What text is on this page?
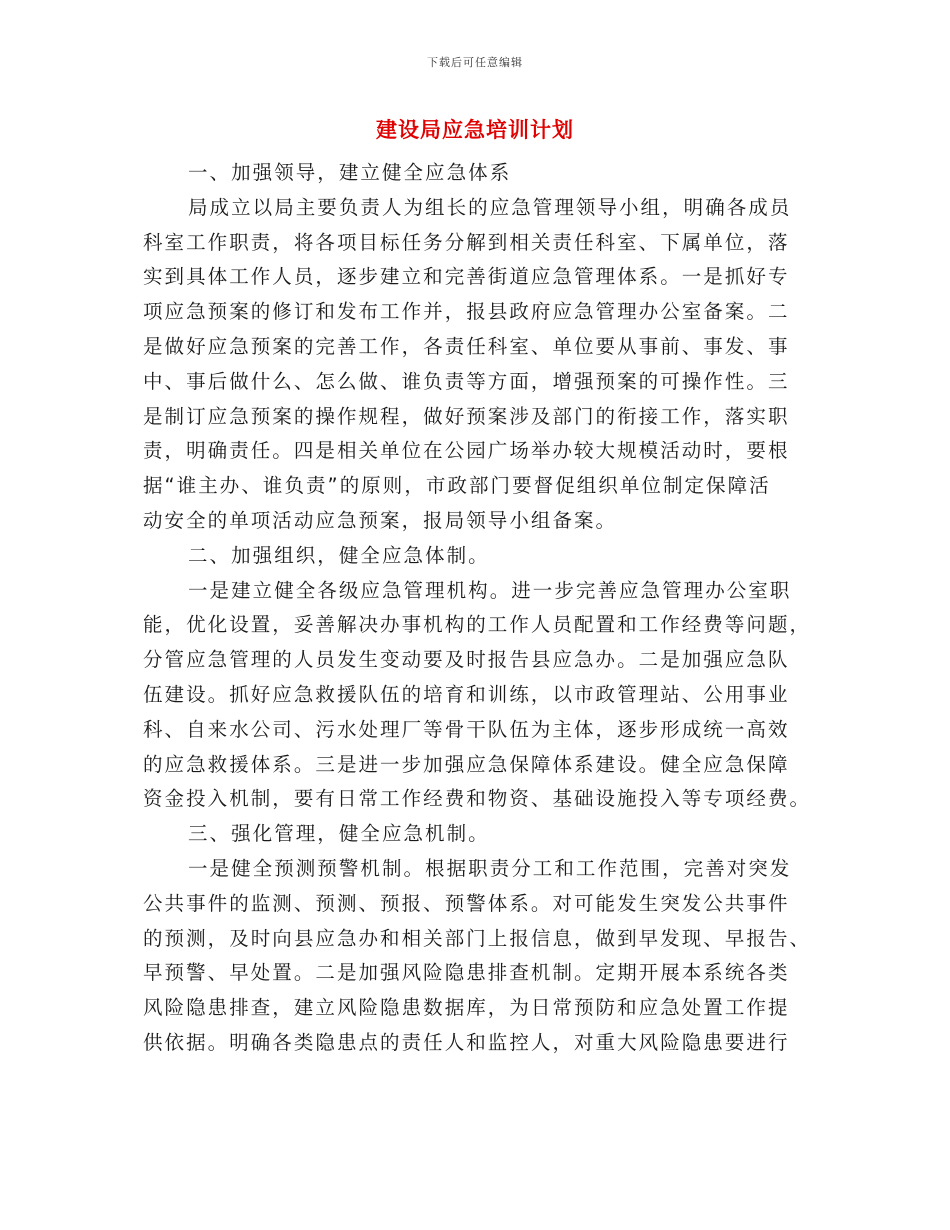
下载后可任意编辑
建设局应急培训计划
一、加强领导，建立健全应急体系
局成立以局主要负责人为组长的应急管理领导小组，明确各成员
科室工作职责，将各项目标任务分解到相关责任科室、下属单位，落
实到具体工作人员，逐步建立和完善街道应急管理体系。一是抓好专
项应急预案的修订和发布工作并，报县政府应急管理办公室备案。二
是做好应急预案的完善工作，各责任科室、单位要从事前、事发、事
中、事后做什么、怎么做、谁负责等方面，增强预案的可操作性。三
是制订应急预案的操作规程，做好预案涉及部门的衔接工作，落实职
责，明确责任。四是相关单位在公园广场举办较大规模活动时，要根
据“谁主办、谁负责”的原则，市政部门要督促组织单位制定保障活
动安全的单项活动应急预案，报局领导小组备案。
二、加强组织，健全应急体制。
一是建立健全各级应急管理机构。进一步完善应急管理办公室职
能，优化设置，妥善解决办事机构的工作人员配置和工作经费等问题，
分管应急管理的人员发生变动要及时报告县应急办。二是加强应急队
伍建设。抓好应急救援队伍的培育和训练，以市政管理站、公用事业
科、自来水公司、污水处理厂等骨干队伍为主体，逐步形成统一高效
的应急救援体系。三是进一步加强应急保障体系建设。健全应急保障
资金投入机制，要有日常工作经费和物资、基础设施投入等专项经费。
三、强化管理，健全应急机制。
一是健全预测预警机制。根据职责分工和工作范围，完善对突发
公共事件的监测、预测、预报、预警体系。对可能发生突发公共事件
的预测，及时向县应急办和相关部门上报信息，做到早发现、早报告、
早预警、早处置。二是加强风险隐患排查机制。定期开展本系统各类
风险隐患排查，建立风险隐患数据库，为日常预防和应急处置工作提
供依据。明确各类隐患点的责任人和监控人，对重大风险隐患要进行
